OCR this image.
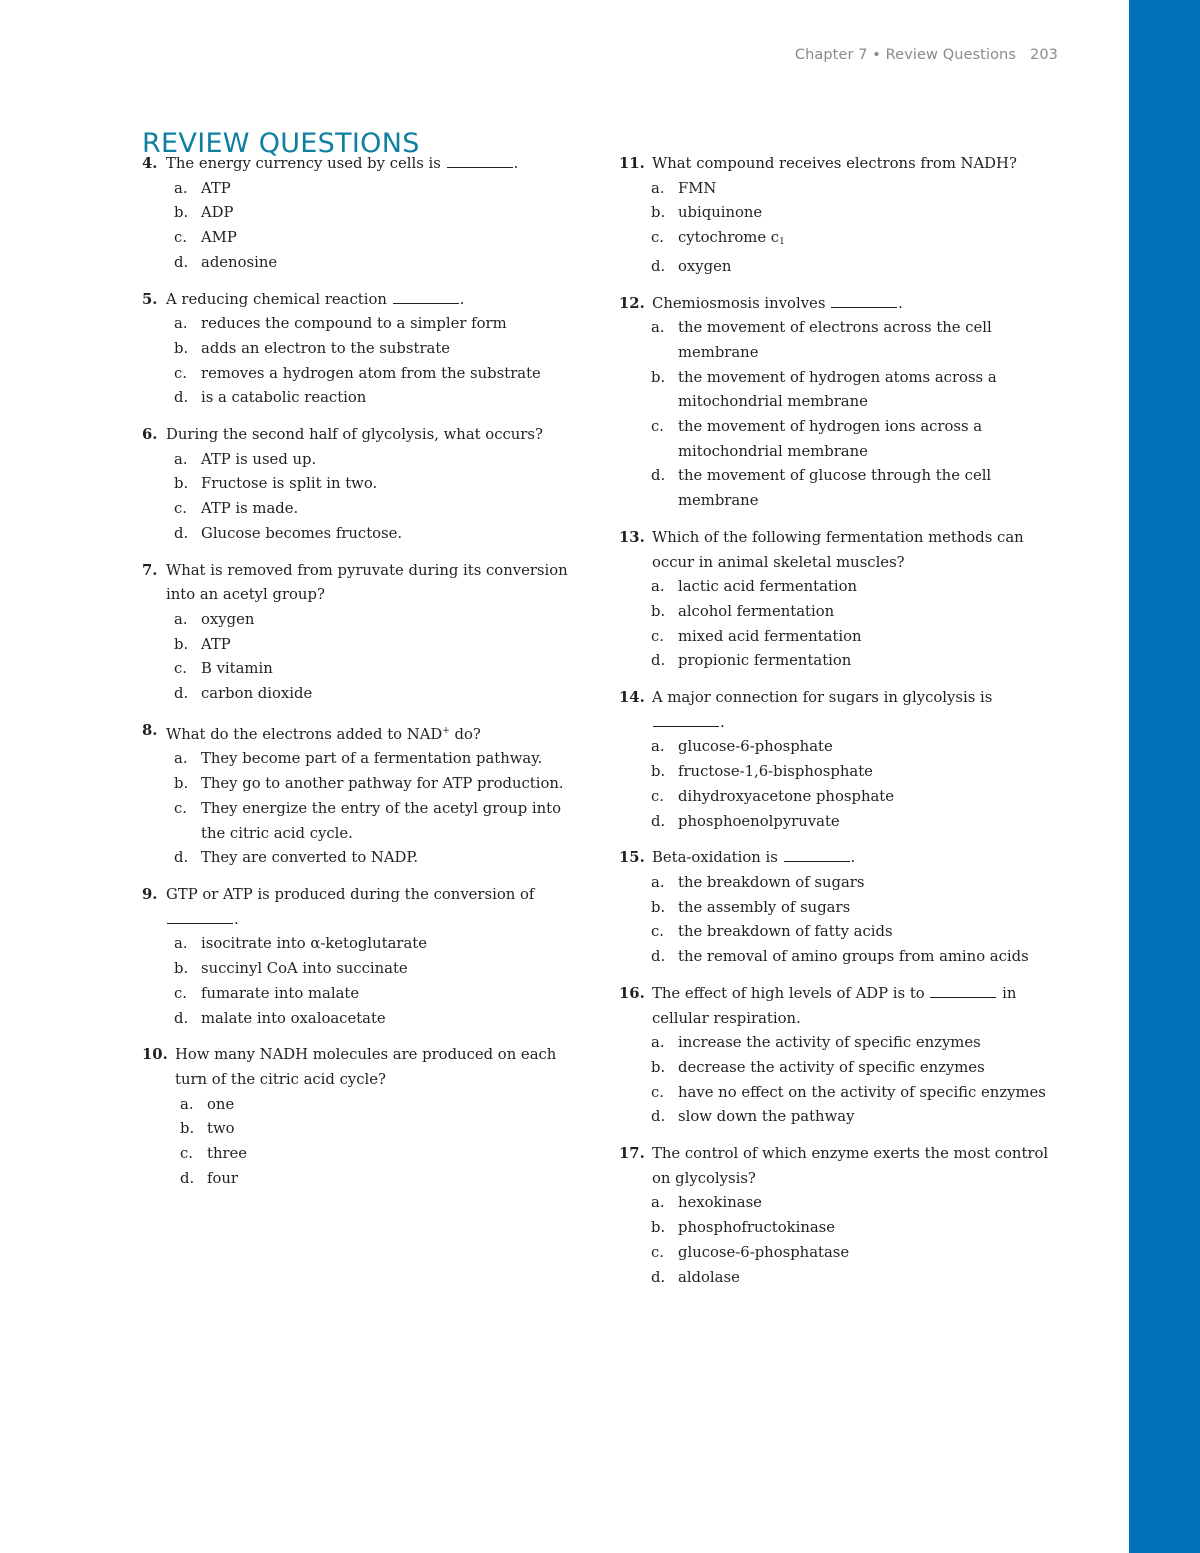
Chapter 7 • Review Questions 203
REVIEW QUESTIONS
4. The energy currency used by cells is	.
a. ATP
b. ADP
c. AMP
d. adenosine
5. A reducing chemical reaction	.
a. reduces the compound to a simpler form
b. adds an electron to the substrate
c. removes a hydrogen atom from the substrate
d. is a catabolic reaction
6. During the second half of glycolysis, what occurs?
a. ATP is used up.
b. Fructose is split in two.
c. ATP is made.
d. Glucose becomes fructose.
7. What is removed from pyruvate during its conversion into an acetyl group?
a. oxygen
b. ATP
c. B vitamin
d. carbon dioxide
8. What do the electrons added to NAD+ do?
a. They become part of a fermentation pathway.
b. They go to another pathway for ATP production.
c. They energize the entry of the acetyl group into the citric acid cycle.
d. They are converted to NADP.
9. GTP or ATP is produced during the conversion of
.
a. isocitrate into α-ketoglutarate
b. succinyl CoA into succinate
c. fumarate into malate
d. malate into oxaloacetate
10. How many NADH molecules are produced on each turn of the citric acid cycle?
a. one
b. two
c. three
d. four
11. What compound receives electrons from NADH?
a. FMN
b. ubiquinone
c. cytochrome $c_1$
d. oxygen
12. Chemiosmosis involves	.
a. the movement of electrons across the cell membrane
b. the movement of hydrogen atoms across a mitochondrial membrane
c. the movement of hydrogen ions across a mitochondrial membrane
d. the movement of glucose through the cell membrane
13. Which of the following fermentation methods can occur in animal skeletal muscles?
a. lactic acid fermentation
b. alcohol fermentation
c. mixed acid fermentation
d. propionic fermentation
14. A major connection for sugars in glycolysis is .
a. glucose-6-phosphate
b. fructose-1,6-bisphosphate
c. dihydroxyacetone phosphate
d. phosphoenolpyruvate
15. Beta-oxidation is	.
a. the breakdown of sugars
b. the assembly of sugars
c. the breakdown of fatty acids
d. the removal of amino groups from amino acids
16. The effect of high levels of ADP is to	in cellular respiration.
a. increase the activity of specific enzymes
b. decrease the activity of specific enzymes
c. have no effect on the activity of specific enzymes
d. slow down the pathway
17. The control of which enzyme exerts the most control on glycolysis?
a. hexokinase
b. phosphofructokinase
c. glucose-6-phosphatase
d. aldolase
